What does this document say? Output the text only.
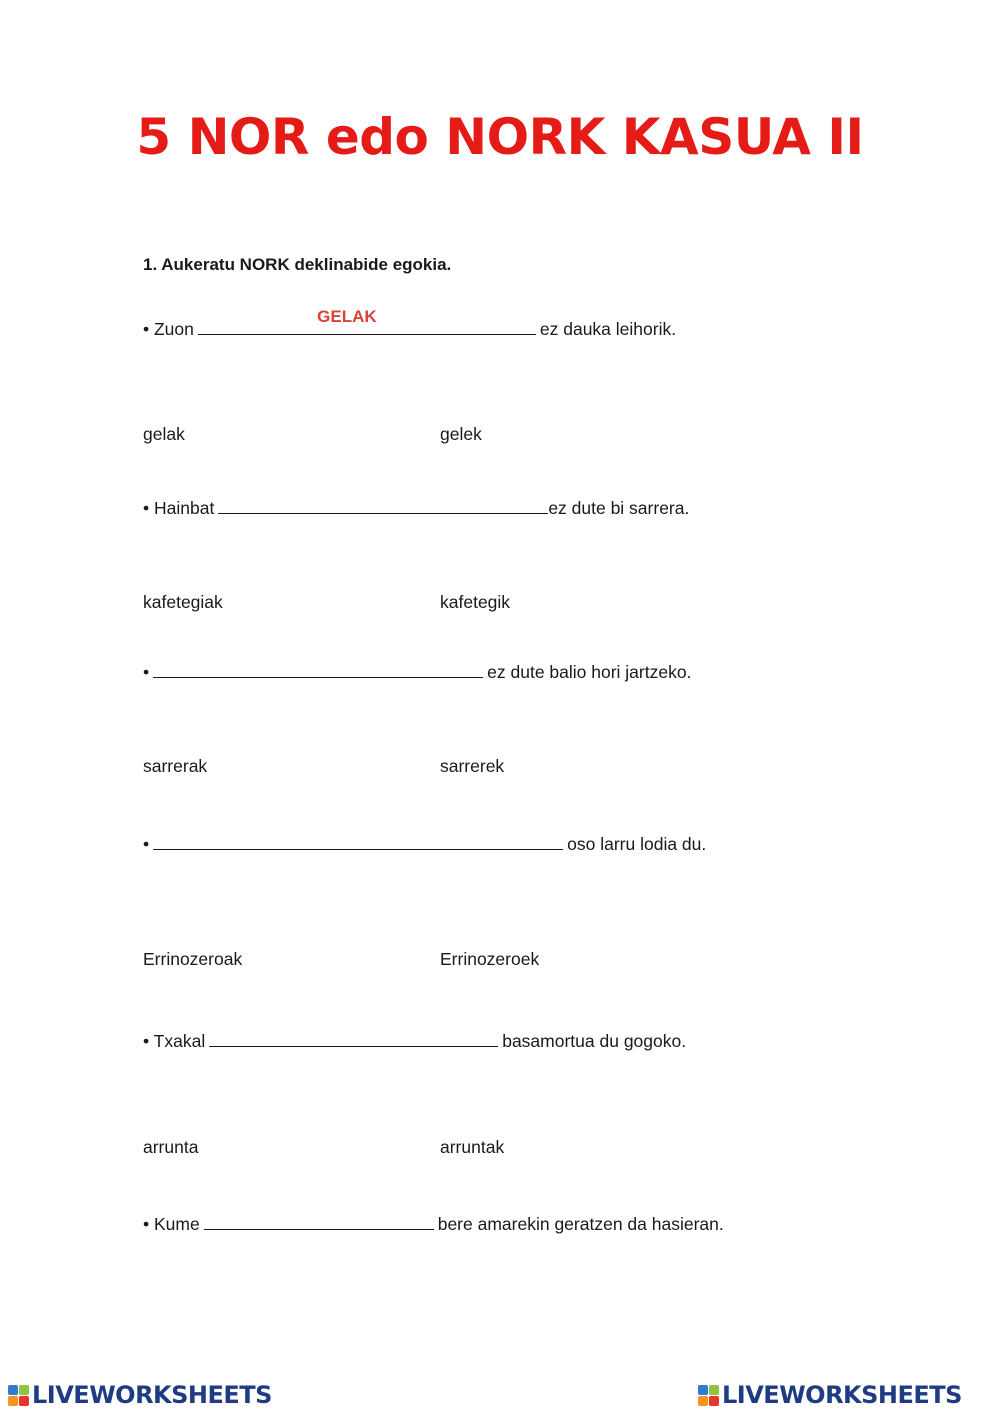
5 NOR edo NORK KASUA II

1. Aukeratu NORK deklinabide egokia.

• Zuon
GELAK
ez dauka leihorik.
gelak	gelek
• Hainbat	ez dute bi sarrera.
kafetegiak	kafetegik
•	ez dute balio hori jartzeko.
sarrerak	sarrerek
•	oso larru lodia du.
Errinozeroak	Errinozeroek
• Txakal	basamortua du gogoko.
arrunta	arruntak
• Kume	bere amarekin geratzen da hasieran.
LIVEWORKSHEETS	LIVEWORKSHEETS
